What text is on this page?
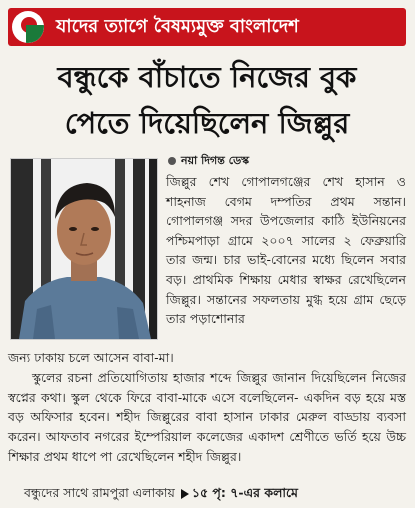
যাদের ত্যাগে বৈষম্যমুক্ত বাংলাদেশ
বন্ধুকে বাঁচাতে নিজের বুক
পেতে দিয়েছিলেন জিল্লুর
নয়া দিগন্ত ডেস্ক
জিল্লুর শেখ গোপালগঞ্জের শেখ হাসান ও শাহনাজ বেগম দম্পতির প্রথম সন্তান। গোপালগঞ্জ সদর উপজেলার কাঠি ইউনিয়নের পশ্চিমপাড়া গ্রামে ২০০৭ সালের ২ ফেব্রুয়ারি তার জন্ম। চার ভাই-বোনের মধ্যে ছিলেন সবার বড়। প্রাথমিক শিক্ষায় মেধার স্বাক্ষর রেখেছিলেন জিল্লুর। সন্তানের সফলতায় মুগ্ধ হয়ে গ্রাম ছেড়ে তার পড়াশোনার

জন্য ঢাকায় চলে আসেন বাবা-মা।

স্কুলের রচনা প্রতিযোগিতায় হাজার শব্দে জিল্লুর জানান দিয়েছিলেন নিজের স্বপ্নের কথা। স্কুল থেকে ফিরে বাবা-মাকে এসে বলেছিলেন- একদিন বড় হয়ে মস্ত বড় অফিসার হবেন। শহীদ জিল্লুরের বাবা হাসান ঢাকার মেরুল বাড্ডায় ব্যবসা করেন। আফতাব নগরের ইম্পেরিয়াল কলেজের একাদশ শ্রেণীতে ভর্তি হয়ে উচ্চ শিক্ষার প্রথম ধাপে পা রেখেছিলেন শহীদ জিল্লুর।

বন্ধুদের সাথে রামপুরা এলাকায় ১৫ পৃ: ৭-এর কলামে
